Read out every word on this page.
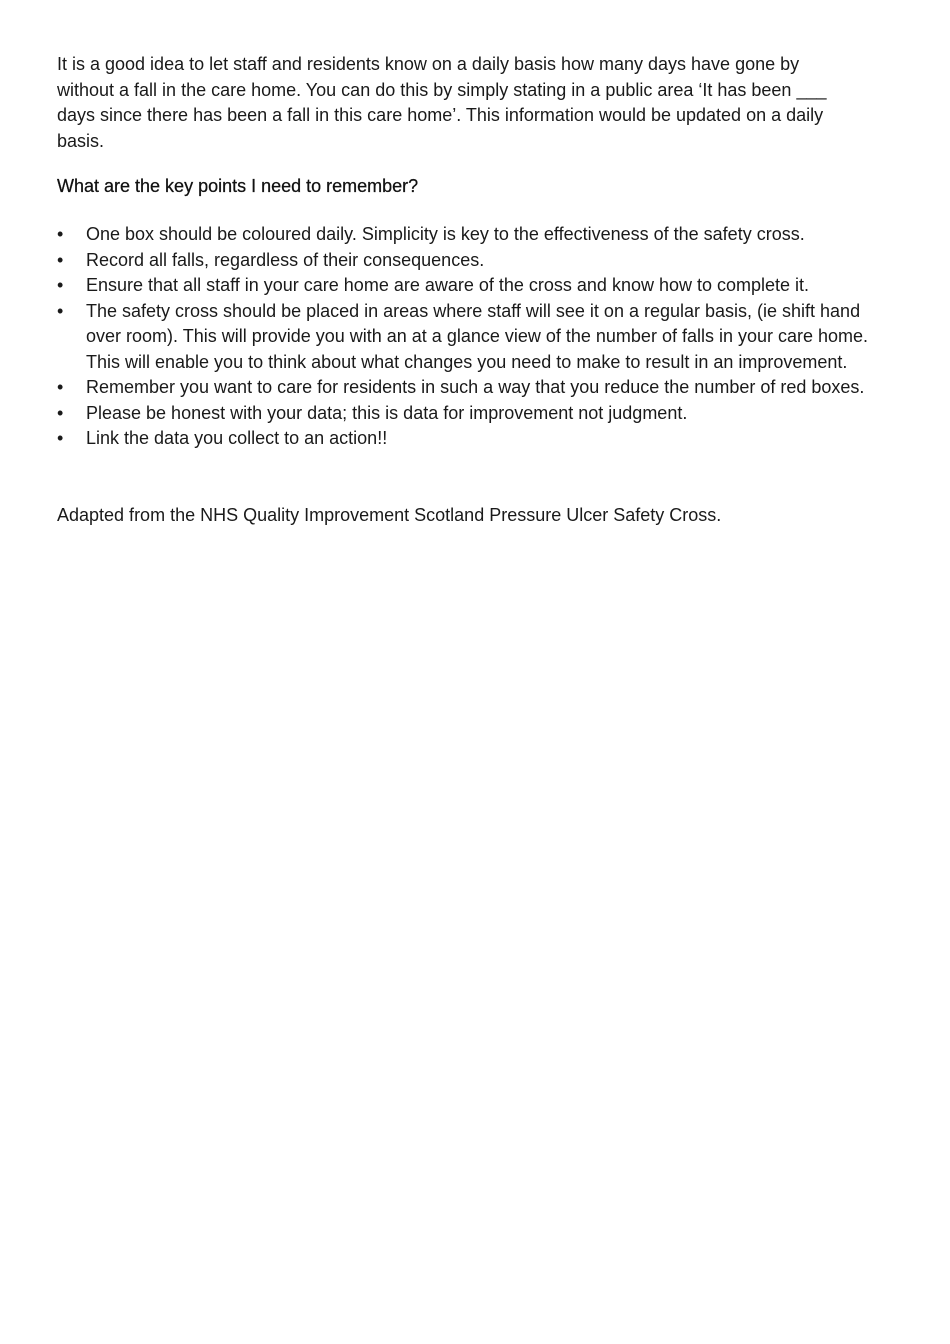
It is a good idea to let staff and residents know on a daily basis how many days have gone by without a fall in the care home. You can do this by simply stating in a public area ‘It has been ___ days since there has been a fall in this care home’. This information would be updated on a daily basis.

What are the key points I need to remember?

•	One box should be coloured daily. Simplicity is key to the effectiveness of the safety cross.
•	Record all falls, regardless of their consequences.
•	Ensure that all staff in your care home are aware of the cross and know how to complete it.
•	The safety cross should be placed in areas where staff will see it on a regular basis, (ie shift hand over room). This will provide you with an at a glance view of the number of falls in your care home. This will enable you to think about what changes you need to make to result in an improvement.
•	Remember you want to care for residents in such a way that you reduce the number of red boxes.
•	Please be honest with your data; this is data for improvement not judgment.
•	Link the data you collect to an action!!

Adapted from the NHS Quality Improvement Scotland Pressure Ulcer Safety Cross.
